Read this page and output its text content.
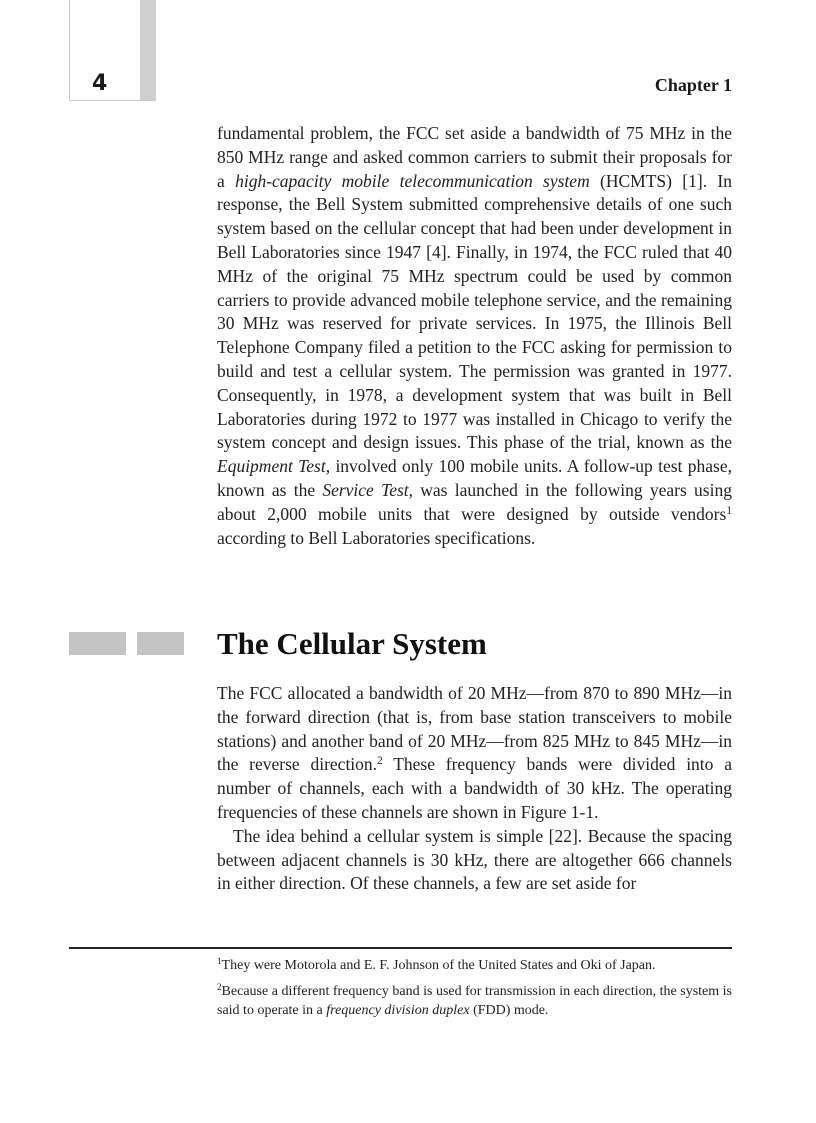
4	Chapter 1

fundamental problem, the FCC set aside a bandwidth of 75 MHz in the 850 MHz range and asked common carriers to submit their proposals for a high-capacity mobile telecommunication system (HCMTS) [1]. In response, the Bell System submitted comprehensive details of one such system based on the cellular concept that had been under development in Bell Laboratories since 1947 [4]. Finally, in 1974, the FCC ruled that 40 MHz of the original 75 MHz spectrum could be used by common carriers to provide advanced mobile telephone service, and the remaining 30 MHz was reserved for private services. In 1975, the Illinois Bell Telephone Company filed a petition to the FCC asking for permission to build and test a cellular system. The permission was granted in 1977. Consequently, in 1978, a development system that was built in Bell Laboratories during 1972 to 1977 was installed in Chicago to verify the system concept and design issues. This phase of the trial, known as the Equipment Test, involved only 100 mobile units. A follow-up test phase, known as the Service Test, was launched in the following years using about 2,000 mobile units that were designed by outside vendors$^1$ according to Bell Laboratories specifications.

The Cellular System

The FCC allocated a bandwidth of 20 MHz—from 870 to 890 MHz—in the forward direction (that is, from base station transceivers to mobile stations) and another band of 20 MHz—from 825 MHz to 845 MHz—in the reverse direction.$^2$ These frequency bands were divided into a number of channels, each with a bandwidth of 30 kHz. The operating frequencies of these channels are shown in Figure 1-1.

The idea behind a cellular system is simple [22]. Because the spacing between adjacent channels is 30 kHz, there are altogether 666 channels in either direction. Of these channels, a few are set aside for

$^1$They were Motorola and E. F. Johnson of the United States and Oki of Japan.

$^2$Because a different frequency band is used for transmission in each direction, the system is said to operate in a frequency division duplex (FDD) mode.
